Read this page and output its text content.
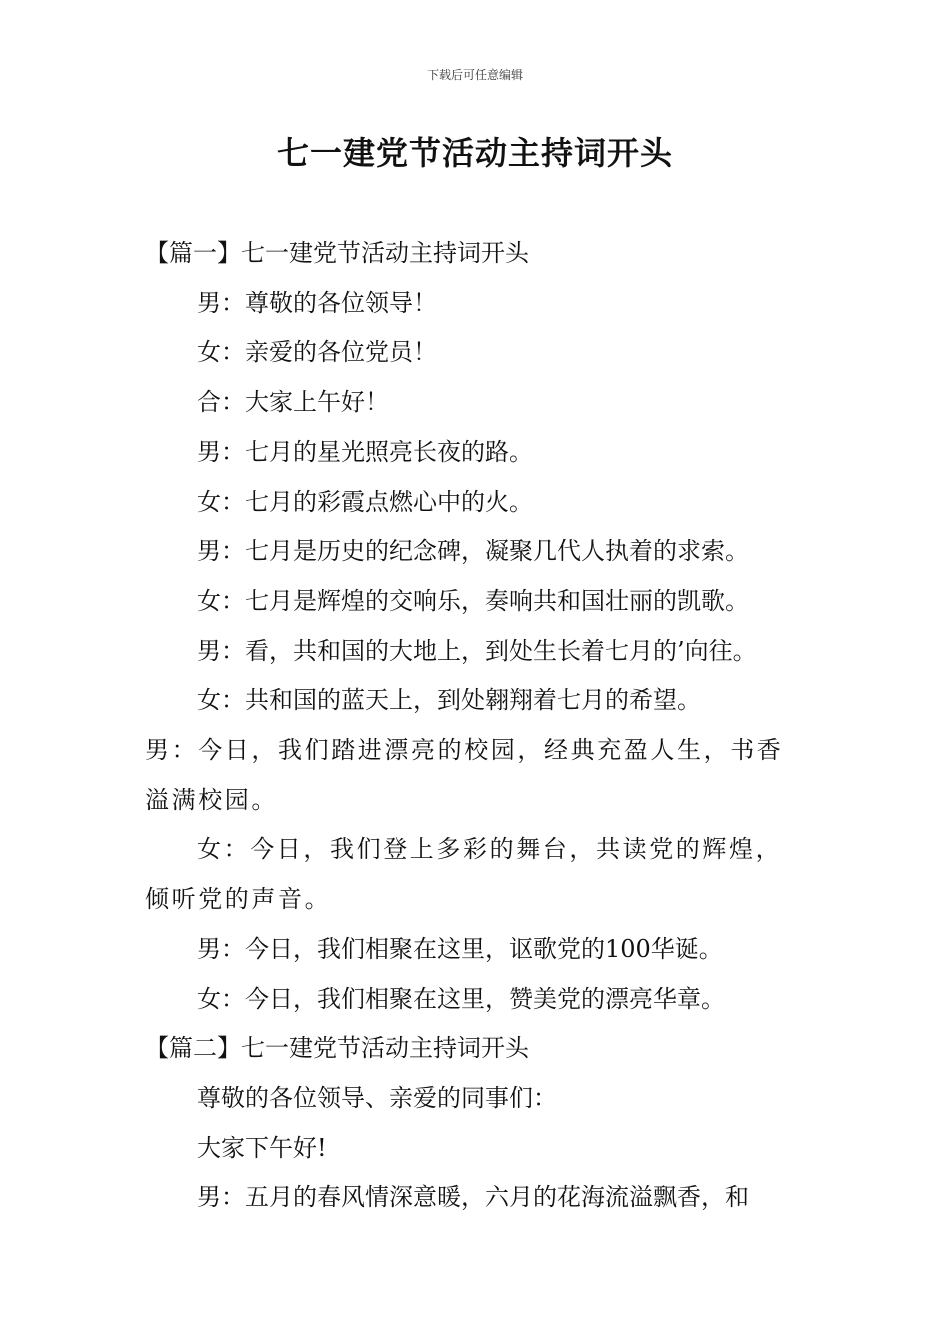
下载后可任意编辑
七一建党节活动主持词开头

【篇一】七一建党节活动主持词开头

男：尊敬的各位领导！

女：亲爱的各位党员！

合：大家上午好！

男：七月的星光照亮长夜的路。

女：七月的彩霞点燃心中的火。

男：七月是历史的纪念碑，凝聚几代人执着的求索。

女：七月是辉煌的交响乐，奏响共和国壮丽的凯歌。

男：看，共和国的大地上，到处生长着七月的’向往。

女：共和国的蓝天上，到处翱翔着七月的希望。

男：今日，我们踏进漂亮的校园，经典充盈人生，书香溢满校园。

女：今日，我们登上多彩的舞台，共读党的辉煌，倾听党的声音。

男：今日，我们相聚在这里，讴歌党的100华诞。

女：今日，我们相聚在这里，赞美党的漂亮华章。

【篇二】七一建党节活动主持词开头

尊敬的各位领导、亲爱的同事们：

大家下午好!

男：五月的春风情深意暖，六月的花海流溢飘香，和
